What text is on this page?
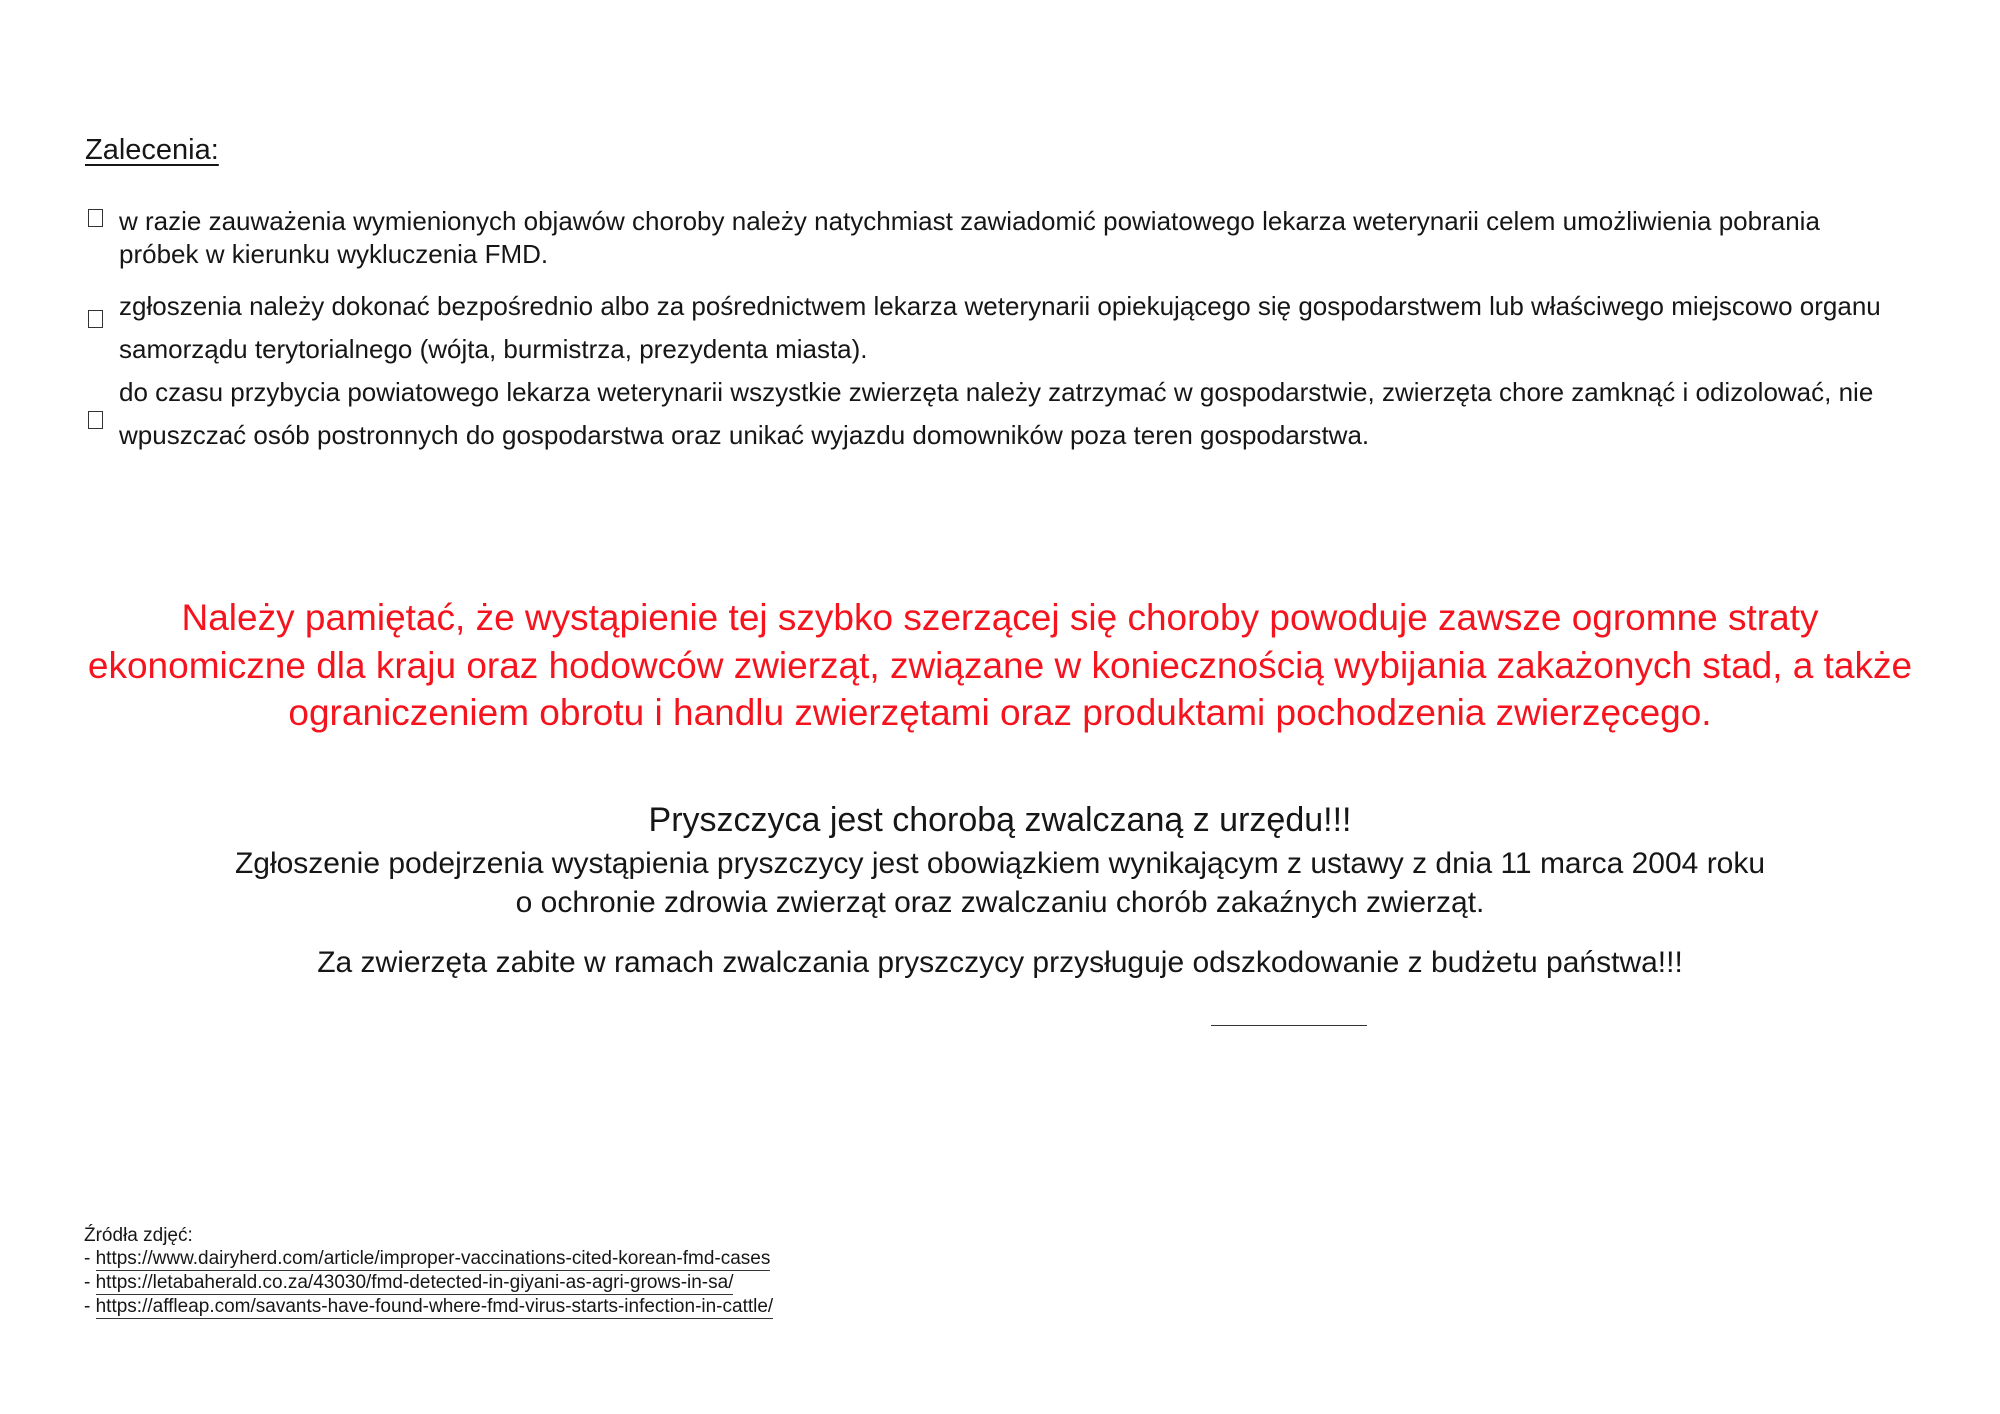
Zalecenia:
w razie zauważenia wymienionych objawów choroby należy natychmiast zawiadomić powiatowego lekarza weterynarii celem umożliwienia pobrania
próbek w kierunku wykluczenia FMD.
zgłoszenia należy dokonać bezpośrednio albo za pośrednictwem lekarza weterynarii opiekującego się gospodarstwem lub właściwego miejscowo organu
samorządu terytorialnego (wójta, burmistrza, prezydenta miasta).
do czasu przybycia powiatowego lekarza weterynarii wszystkie zwierzęta należy zatrzymać w gospodarstwie, zwierzęta chore zamknąć i odizolować, nie
wpuszczać osób postronnych do gospodarstwa oraz unikać wyjazdu domowników poza teren gospodarstwa.
Należy pamiętać, że wystąpienie tej szybko szerzącej się choroby powoduje zawsze ogromne straty
ekonomiczne dla kraju oraz hodowców zwierząt, związane w koniecznością wybijania zakażonych stad, a także
ograniczeniem obrotu i handlu zwierzętami oraz produktami pochodzenia zwierzęcego.
Pryszczyca jest chorobą zwalczaną z urzędu!!!
Zgłoszenie podejrzenia wystąpienia pryszczycy jest obowiązkiem wynikającym z ustawy z dnia 11 marca 2004 roku
o ochronie zdrowia zwierząt oraz zwalczaniu chorób zakaźnych zwierząt.
Za zwierzęta zabite w ramach zwalczania pryszczycy przysługuje odszkodowanie z budżetu państwa!!!
Źródła zdjęć:
- https://www.dairyherd.com/article/improper-vaccinations-cited-korean-fmd-cases
- https://letabaherald.co.za/43030/fmd-detected-in-giyani-as-agri-grows-in-sa/
- https://affleap.com/savants-have-found-where-fmd-virus-starts-infection-in-cattle/
